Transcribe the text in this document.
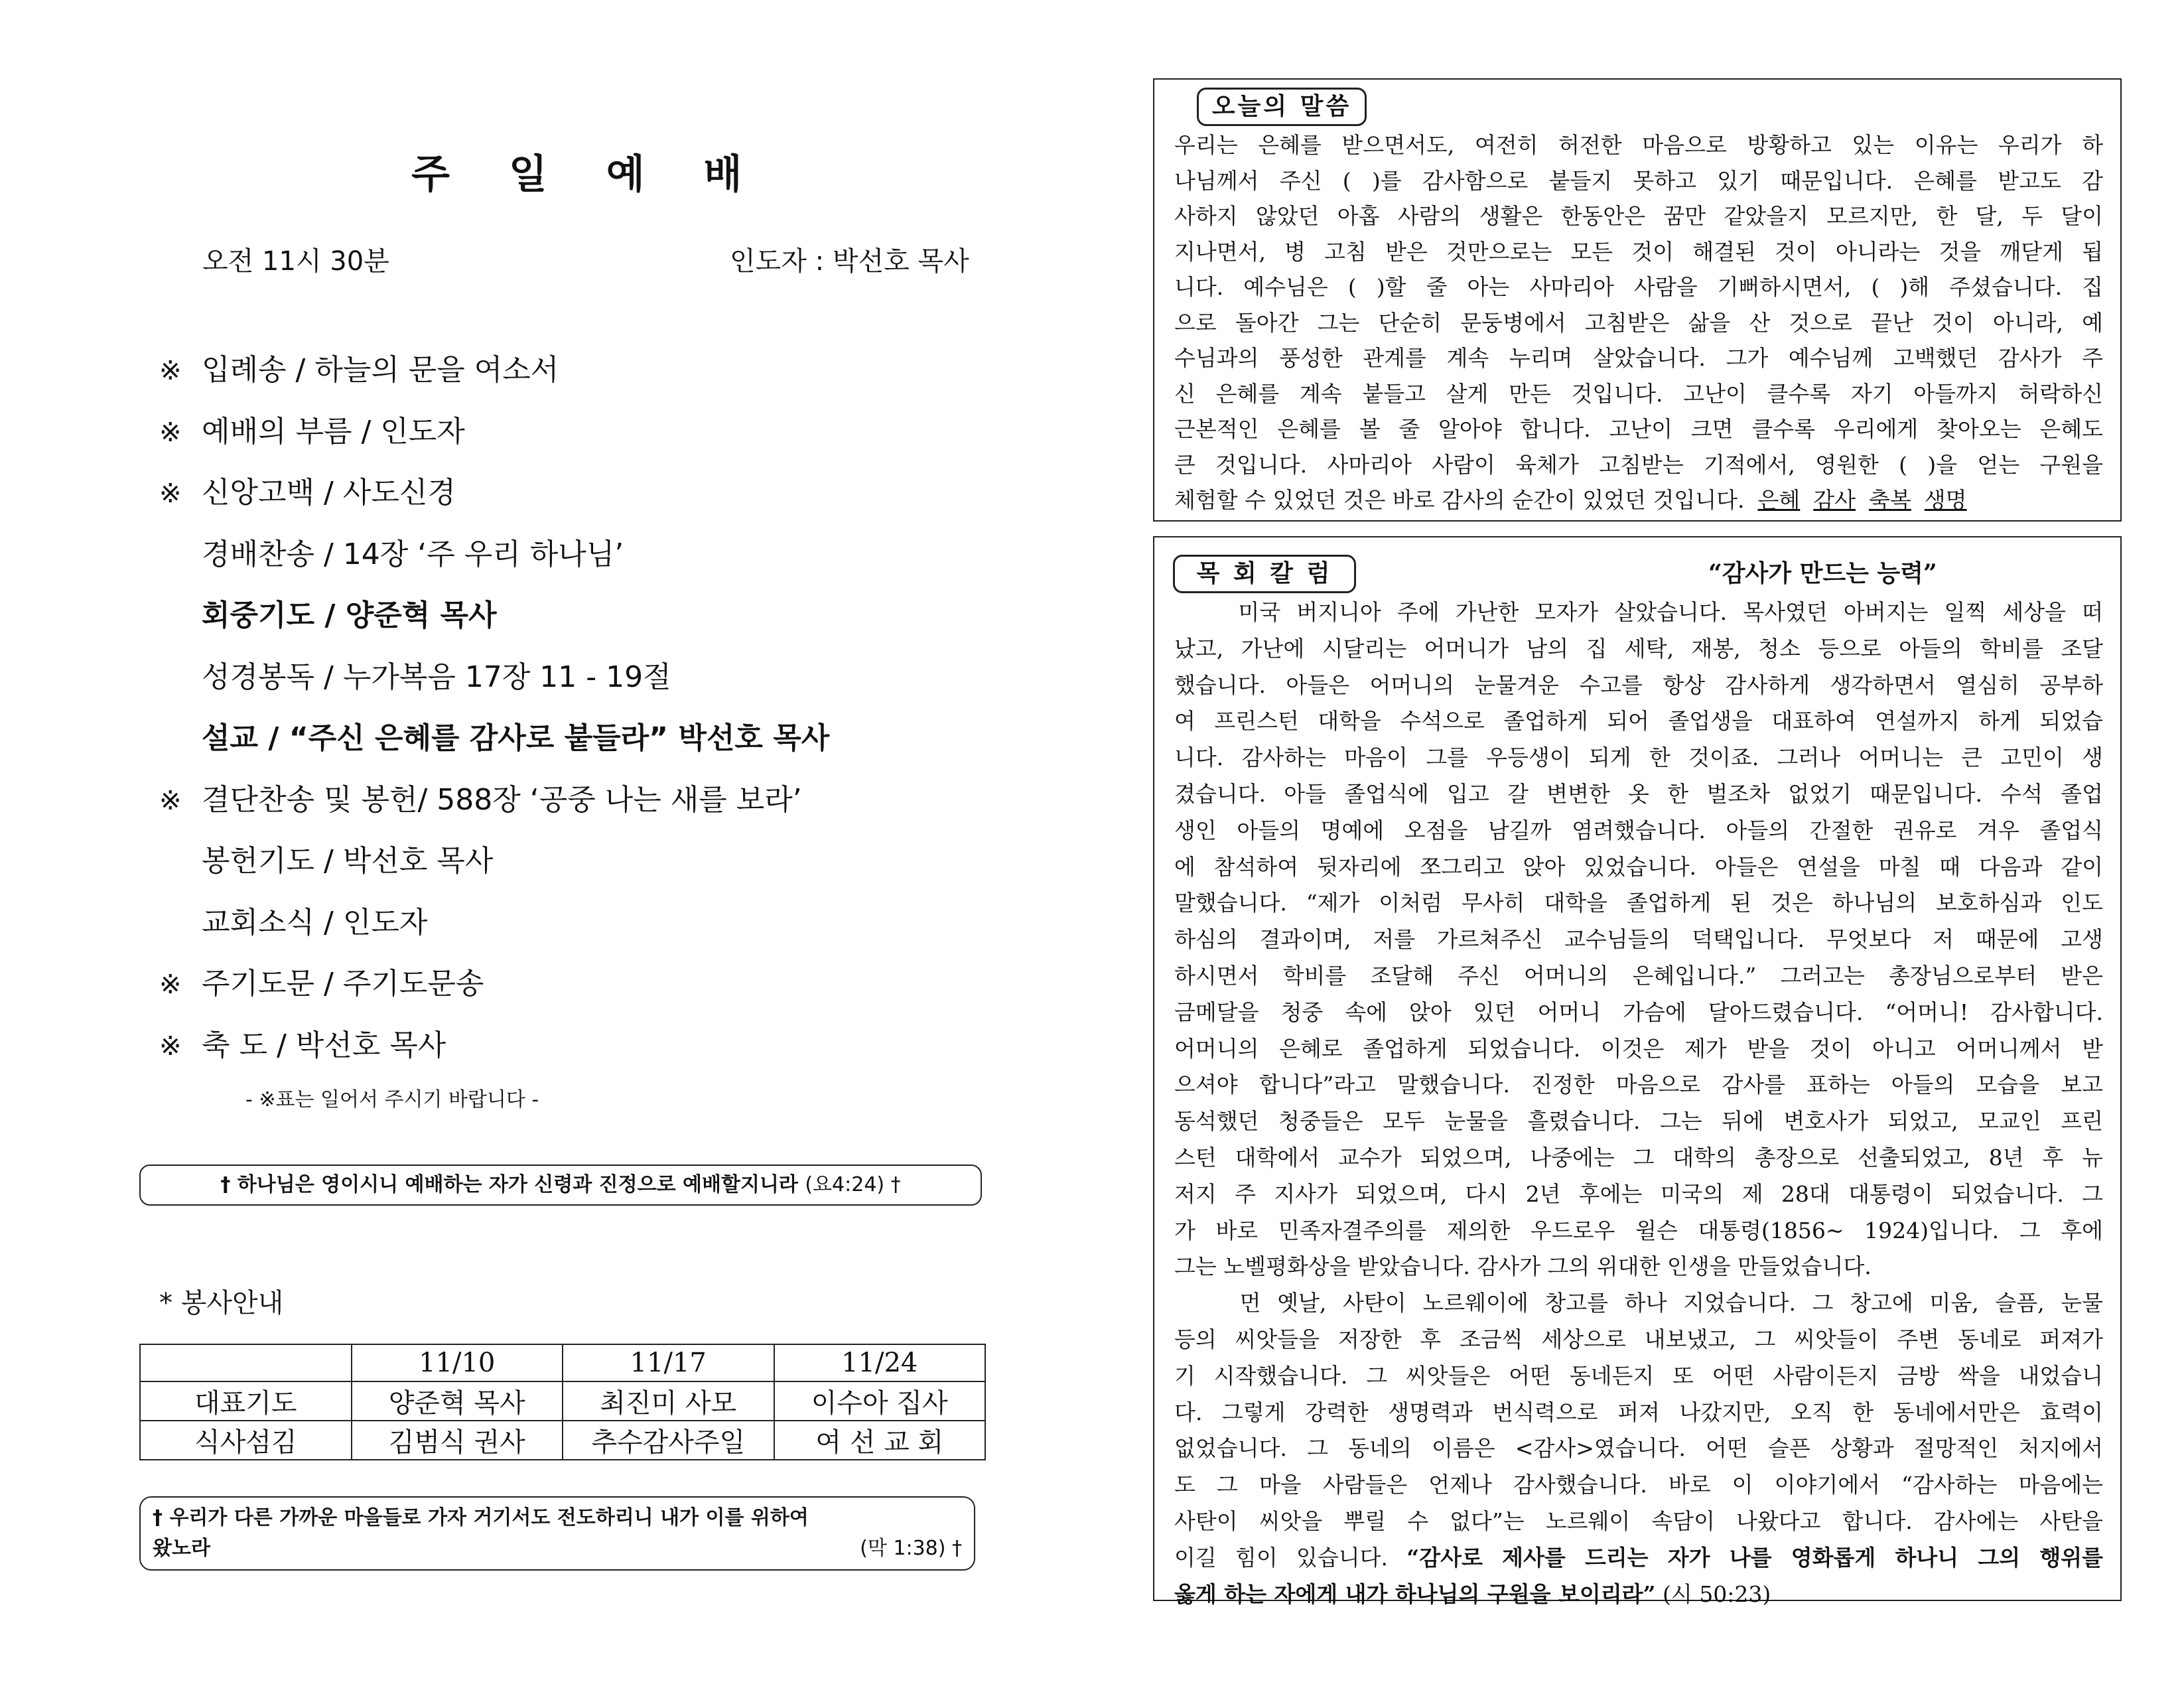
주 일 예 배
오전 11시 30분	인도자 : 박선호 목사
※ 입례송 / 하늘의 문을 여소서
※ 예배의 부름 / 인도자
※ 신앙고백 / 사도신경
경배찬송 / 14장 ‘주 우리 하나님’
회중기도 / 양준혁 목사
성경봉독 / 누가복음 17장 11 - 19절
설교 / “주신 은혜를 감사로 붙들라” 박선호 목사
※ 결단찬송 및 봉헌/ 588장 ‘공중 나는 새를 보라’
봉헌기도 / 박선호 목사
교회소식 / 인도자
※ 주기도문 / 주기도문송
※ 축 도 / 박선호 목사
- ※표는 일어서 주시기 바랍니다 -
† 하나님은 영이시니 예배하는 자가 신령과 진정으로 예배할지니라 (요4:24) †
* 봉사안내
	11/10	11/17	11/24
대표기도	양준혁 목사	최진미 사모	이수아 집사
식사섬김	김범식 권사	추수감사주일	여 선 교 회
† 우리가 다른 가까운 마을들로 가자 거기서도 전도하리니 내가 이를 위하여
왔노라	(막 1:38) †
오늘의 말씀
우리는 은혜를 받으면서도, 여전히 허전한 마음으로 방황하고 있는 이유는 우리가 하
나님께서 주신 ( )를 감사함으로 붙들지 못하고 있기 때문입니다. 은혜를 받고도 감
사하지 않았던 아홉 사람의 생활은 한동안은 꿈만 같았을지 모르지만, 한 달, 두 달이
지나면서, 병 고침 받은 것만으로는 모든 것이 해결된 것이 아니라는 것을 깨닫게 됩
니다. 예수님은 ( )할 줄 아는 사마리아 사람을 기뻐하시면서, ( )해 주셨습니다. 집
으로 돌아간 그는 단순히 문둥병에서 고침받은 삶을 산 것으로 끝난 것이 아니라, 예
수님과의 풍성한 관계를 계속 누리며 살았습니다. 그가 예수님께 고백했던 감사가 주
신 은혜를 계속 붙들고 살게 만든 것입니다. 고난이 클수록 자기 아들까지 허락하신
근본적인 은혜를 볼 줄 알아야 합니다. 고난이 크면 클수록 우리에게 찾아오는 은혜도
큰 것입니다. 사마리아 사람이 육체가 고침받는 기적에서, 영원한 ( )을 얻는 구원을
체험할 수 있었던 것은 바로 감사의 순간이 있었던 것입니다. 은혜 감사 축복 생명
목 회 칼 럼	“감사가 만드는 능력”
미국 버지니아 주에 가난한 모자가 살았습니다. 목사였던 아버지는 일찍 세상을 떠
났고, 가난에 시달리는 어머니가 남의 집 세탁, 재봉, 청소 등으로 아들의 학비를 조달
했습니다. 아들은 어머니의 눈물겨운 수고를 항상 감사하게 생각하면서 열심히 공부하
여 프린스턴 대학을 수석으로 졸업하게 되어 졸업생을 대표하여 연설까지 하게 되었습
니다. 감사하는 마음이 그를 우등생이 되게 한 것이죠. 그러나 어머니는 큰 고민이 생
겼습니다. 아들 졸업식에 입고 갈 변변한 옷 한 벌조차 없었기 때문입니다. 수석 졸업
생인 아들의 명예에 오점을 남길까 염려했습니다. 아들의 간절한 권유로 겨우 졸업식
에 참석하여 뒷자리에 쪼그리고 앉아 있었습니다. 아들은 연설을 마칠 때 다음과 같이
말했습니다. “제가 이처럼 무사히 대학을 졸업하게 된 것은 하나님의 보호하심과 인도
하심의 결과이며, 저를 가르쳐주신 교수님들의 덕택입니다. 무엇보다 저 때문에 고생
하시면서 학비를 조달해 주신 어머니의 은혜입니다.” 그러고는 총장님으로부터 받은
금메달을 청중 속에 앉아 있던 어머니 가슴에 달아드렸습니다. “어머니! 감사합니다.
어머니의 은혜로 졸업하게 되었습니다. 이것은 제가 받을 것이 아니고 어머니께서 받
으셔야 합니다”라고 말했습니다. 진정한 마음으로 감사를 표하는 아들의 모습을 보고
동석했던 청중들은 모두 눈물을 흘렸습니다. 그는 뒤에 변호사가 되었고, 모교인 프린
스턴 대학에서 교수가 되었으며, 나중에는 그 대학의 총장으로 선출되었고, 8년 후 뉴
저지 주 지사가 되었으며, 다시 2년 후에는 미국의 제 28대 대통령이 되었습니다. 그
가 바로 민족자결주의를 제의한 우드로우 윌슨 대통령(1856~ 1924)입니다. 그 후에
그는 노벨평화상을 받았습니다. 감사가 그의 위대한 인생을 만들었습니다.
먼 옛날, 사탄이 노르웨이에 창고를 하나 지었습니다. 그 창고에 미움, 슬픔, 눈물
등의 씨앗들을 저장한 후 조금씩 세상으로 내보냈고, 그 씨앗들이 주변 동네로 퍼져가
기 시작했습니다. 그 씨앗들은 어떤 동네든지 또 어떤 사람이든지 금방 싹을 내었습니
다. 그렇게 강력한 생명력과 번식력으로 퍼져 나갔지만, 오직 한 동네에서만은 효력이
없었습니다. 그 동네의 이름은 <감사>였습니다. 어떤 슬픈 상황과 절망적인 처지에서
도 그 마을 사람들은 언제나 감사했습니다. 바로 이 이야기에서 “감사하는 마음에는
사탄이 씨앗을 뿌릴 수 없다”는 노르웨이 속담이 나왔다고 합니다. 감사에는 사탄을
이길 힘이 있습니다. “감사로 제사를 드리는 자가 나를 영화롭게 하나니 그의 행위를
옳게 하는 자에게 내가 하나님의 구원을 보이리라” (시 50:23)
